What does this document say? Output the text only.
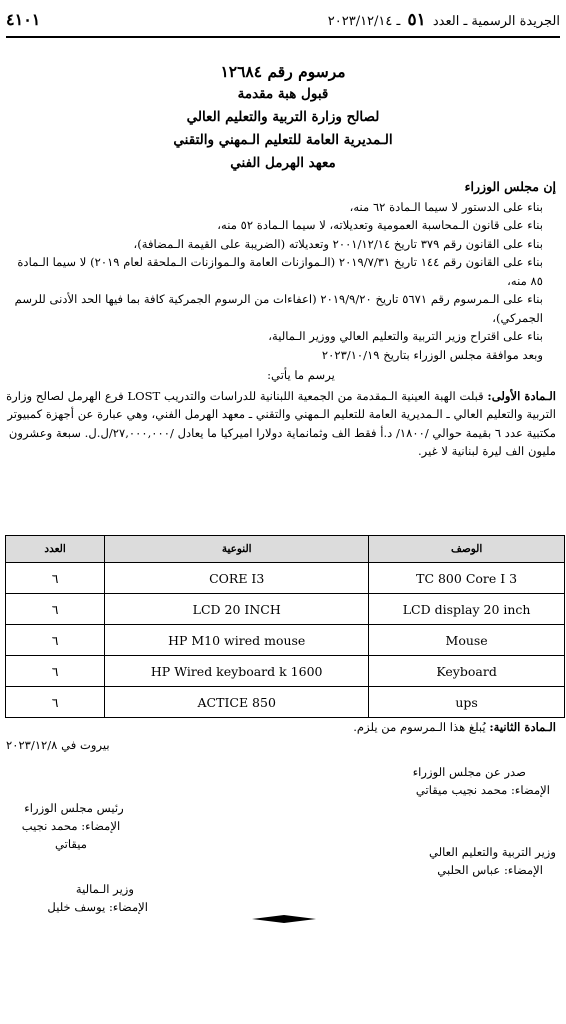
٤١٠١	الجريدة الرسمية ـ العدد ٥١ ـ ٢٠٢٣/١٢/١٤
مرسوم رقم ١٢٦٨٤
قبول هبة مقدمة
لصالح وزارة التربية والتعليم العالي
الـمديرية العامة للتعليم الـمهني والتقني
معهد الهرمل الفني

إن مجلس الوزراء

بناء على الدستور لا سيما الـمادة ٦٢ منه،

بناء على قانون الـمحاسبة العمومية وتعديلاته، لا سيما الـمادة ٥٢ منه،

بناء على القانون رقم ٣٧٩ تاريخ ٢٠٠١/١٢/١٤ وتعديلاته (الضريبة على القيمة الـمضافة)،

بناء على القانون رقم ١٤٤ تاريخ ٢٠١٩/٧/٣١ (الـموازنات العامة والـموازنات الـملحقة لعام ٢٠١٩) لا سيما الـمادة ٨٥ منه،

بناء على الـمرسوم رقم ٥٦٧١ تاريخ ٢٠١٩/٩/٢٠ (اعفاءات من الرسوم الجمركية كافة بما فيها الحد الأدنى للرسم الجمركي)،

بناء على اقتراح وزير التربية والتعليم العالي ووزير الـمالية،

وبعد موافقة مجلس الوزراء بتاريخ ٢٠٢٣/١٠/١٩

يرسم ما يأتي:

الـمادة الأولى: قبلت الهبة العينية الـمقدمة من الجمعية اللبنانية للدراسات والتدريب LOST فرع الهرمل لصالح وزارة التربية والتعليم العالي ـ الـمديرية العامة للتعليم الـمهني والتقني ـ معهد الهرمل الفني، وهي عبارة عن أجهزة كمبيوتر مكتبية عدد ٦ بقيمة حوالي /١٨٠٠/ د.أ فقط الف وثمانماية دولارا اميركيا ما يعادل /٢٧,٠٠٠,٠٠٠/ل.ل. سبعة وعشرون مليون الف ليرة لبنانية لا غير.

الوصف	النوعية	العدد
TC 800 Core I 3	CORE I3	٦
LCD display 20 inch	LCD 20 INCH	٦
Mouse	HP M10 wired mouse	٦
Keyboard	HP Wired keyboard k 1600	٦
ups	ACTICE 850	٦
الـمادة الثانية: يُبلغ هذا الـمرسوم من يلزم.
بيروت في ٢٠٢٣/١٢/٨
صدر عن مجلس الوزراء
الإمضاء: محمد نجيب ميقاتي
رئيس مجلس الوزراء
الإمضاء: محمد نجيب ميقاتي
وزير التربية والتعليم العالي
الإمضاء: عباس الحلبي
وزير الـمالية
الإمضاء: يوسف خليل
